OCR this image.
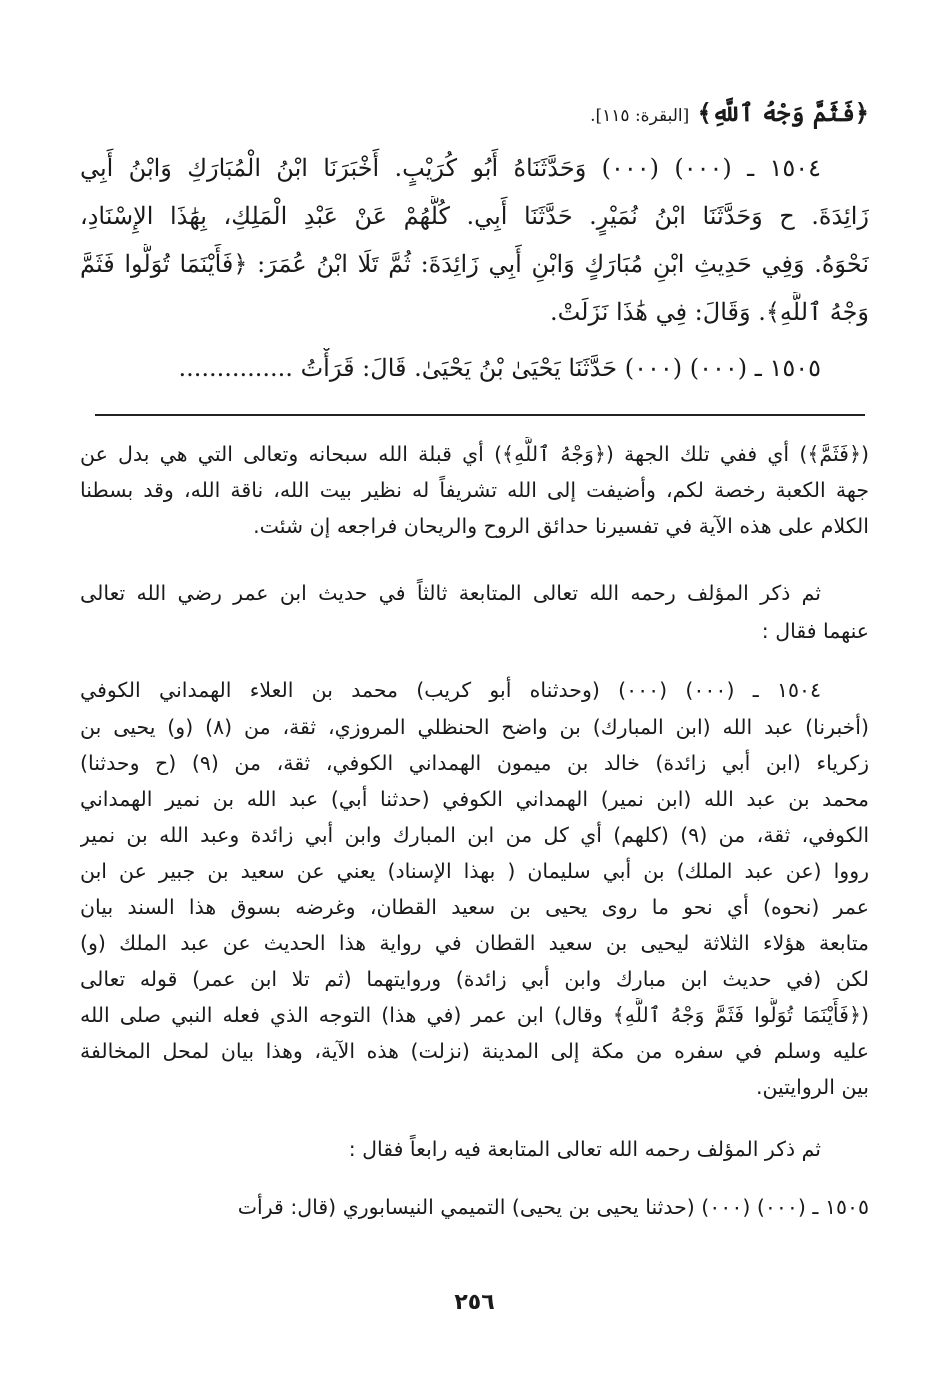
﴿فَثَمَّ وَجْهُ ٱللَّهِ﴾ [البقرة: ١١٥].
١٥٠٤ ـ (٠٠٠) (٠٠٠) وَحَدَّثَنَاهُ أَبُو كُرَيْبٍ. أَخْبَرَنَا ابْنُ الْمُبَارَكِ وَابْنُ أَبِي
زَائِدَةَ. ح وَحَدَّثَنَا ابْنُ نُمَيْرٍ. حَدَّثَنَا أَبِي. كُلُّهُمْ عَنْ عَبْدِ الْمَلِكِ، بِهَٰذَا الإِسْنَادِ،
نَحْوَهُ. وَفِي حَدِيثِ ابْنِ مُبَارَكٍ وَابْنِ أَبِي زَائِدَةَ: ثُمَّ تَلَا ابْنُ عُمَرَ: ﴿فَأَيْنَمَا تُوَلُّوا فَثَمَّ
وَجْهُ ٱللَّهِ﴾. وَقَالَ: فِي هَٰذَا نَزَلَتْ.
١٥٠٥ ـ (٠٠٠) (٠٠٠) حَدَّثَنَا يَحْيَىٰ بْنُ يَحْيَىٰ. قَالَ: قَرَأْتُ ...............
(﴿فَثَمَّ﴾) أي ففي تلك الجهة (﴿وَجْهُ ٱللَّهِ﴾) أي قبلة الله سبحانه وتعالى التي هي بدل عن
جهة الكعبة رخصة لكم، وأضيفت إلى الله تشريفاً له نظير بيت الله، ناقة الله، وقد بسطنا
الكلام على هذه الآية في تفسيرنا حدائق الروح والريحان فراجعه إن شئت.
ثم ذكر المؤلف رحمه الله تعالى المتابعة ثالثاً في حديث ابن عمر رضي الله تعالى
عنهما فقال :
١٥٠٤ ـ (٠٠٠) (٠٠٠) (وحدثناه أبو كريب) محمد بن العلاء الهمداني الكوفي
(أخبرنا) عبد الله (ابن المبارك) بن واضح الحنظلي المروزي، ثقة، من (٨) (و) يحيى بن
زكرياء (ابن أبي زائدة) خالد بن ميمون الهمداني الكوفي، ثقة، من (٩) (ح وحدثنا)
محمد بن عبد الله (ابن نمير) الهمداني الكوفي (حدثنا أبي) عبد الله بن نمير الهمداني
الكوفي، ثقة، من (٩) (كلهم) أي كل من ابن المبارك وابن أبي زائدة وعبد الله بن نمير
رووا (عن عبد الملك) بن أبي سليمان ( بهذا الإسناد) يعني عن سعيد بن جبير عن ابن
عمر (نحوه) أي نحو ما روى يحيى بن سعيد القطان، وغرضه بسوق هذا السند بيان
متابعة هؤلاء الثلاثة ليحيى بن سعيد القطان في رواية هذا الحديث عن عبد الملك (و)
لكن (في حديث ابن مبارك وابن أبي زائدة) وروايتهما (ثم تلا ابن عمر) قوله تعالى
(﴿فَأَيْنَمَا تُوَلُّوا فَثَمَّ وَجْهُ ٱللَّهِ﴾ وقال) ابن عمر (في هذا) التوجه الذي فعله النبي صلى الله
عليه وسلم في سفره من مكة إلى المدينة (نزلت) هذه الآية، وهذا بيان لمحل المخالفة
بين الروايتين.
ثم ذكر المؤلف رحمه الله تعالى المتابعة فيه رابعاً فقال :
١٥٠٥ ـ (٠٠٠) (٠٠٠) (حدثنا يحيى بن يحيى) التميمي النيسابوري (قال: قرأت
٢٥٦
